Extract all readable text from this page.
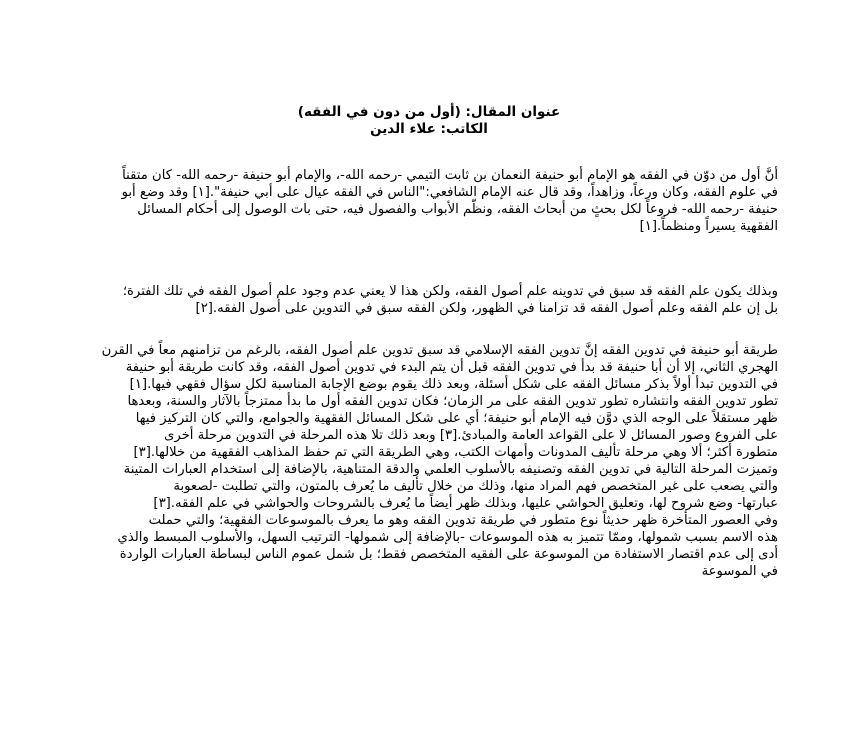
عنوان المقال: (أول من دون في الفقه)
الكاتب: علاء الدين

أنَّ أول من دوّن في الفقه هو الإمام أبو حنيفة النعمان بن ثابت التيمي -رحمه الله-، والإمام أبو حنيفة -رحمه الله- كان متقناً
في علوم الفقه، وكان ورعاً، وزاهداً، وقد قال عنه الإمام الشافعي:"الناس في الفقه عيال على أبي حنيفة".[١] وقد وضع أبو
حنيفة -رحمه الله- فروعاً لكل بحثٍ من أبحاث الفقه، ونظّم الأبواب والفصول فيه، حتى بات الوصول إلى أحكام المسائل
الفقهية يسيراً ومنظماً.[١]

وبذلك يكون علم الفقه قد سبق في تدوينه علم أصول الفقه، ولكن هذا لا يعني عدم وجود علم أصول الفقه في تلك الفترة؛
بل إن علم الفقه وعلم أصول الفقه قد تزامنا في الظهور، ولكن الفقه سبق في التدوين على أصول الفقه.[٢]

طريقة أبو حنيفة في تدوين الفقه إنَّ تدوين الفقه الإسلامي قد سبق تدوين علم أصول الفقه، بالرغم من تزامنهم معاً في القرن
الهجري الثاني، إلا أن أبا حنيفة قد بدأ في تدوين الفقه قبل أن يتم البدء في تدوين أصول الفقه، وقد كانت طريقة أبو حنيفة
في التدوين تبدأ أولاً بذكر مسائل الفقه على شكل أسئلة، وبعد ذلك يقوم بوضع الإجابة المناسبة لكل سؤال فقهي فيها.[١]
تطور تدوين الفقه وانتشاره تطور تدوين الفقه على مر الزمان؛ فكان تدوين الفقه أول ما بدأ ممتزجاً بالآثار والسنة، وبعدها
ظهر مستقلاً على الوجه الذي دوَّن فيه الإمام أبو حنيفة؛ أي على شكل المسائل الفقهية والجوامع، والتي كان التركيز فيها
على الفروع وصور المسائل لا على القواعد العامة والمبادئ.[٣] وبعد ذلك تلا هذه المرحلة في التدوين مرحلة أخرى
متطورة أكثر؛ ألا وهي مرحلة تأليف المدونات وأمهات الكتب، وهي الطريقة التي تم حفظ المذاهب الفقهية من خلالها.[٣]
وتميزت المرحلة التالية في تدوين الفقه وتصنيفه بالأسلوب العلمي والدقة المتناهية، بالإضافة إلى استخدام العبارات المتينة
والتي يصعب على غير المتخصص فهم المراد منها، وذلك من خلال تأليف ما يُعرف بالمتون، والتي تطلبت -لصعوبة
عبارتها- وضع شروح لها، وتعليق الحواشي عليها، وبذلك ظهر أيضاً ما يُعرف بالشروحات والحواشي في علم الفقه.[٣]
وفي العصور المتأخرة ظهر حديثاً نوع متطور في طريقة تدوين الفقه وهو ما يعرف بالموسوعات الفقهية؛ والتي حملت
هذه الاسم بسبب شمولها، وممّا تتميز به هذه الموسوعات -بالإضافة إلى شمولها- الترتيب السهل، والأسلوب المبسط والذي
أدى إلى عدم اقتصار الاستفادة من الموسوعة على الفقيه المتخصص فقط؛ بل شمل عموم الناس لبساطة العبارات الواردة
في الموسوعة
